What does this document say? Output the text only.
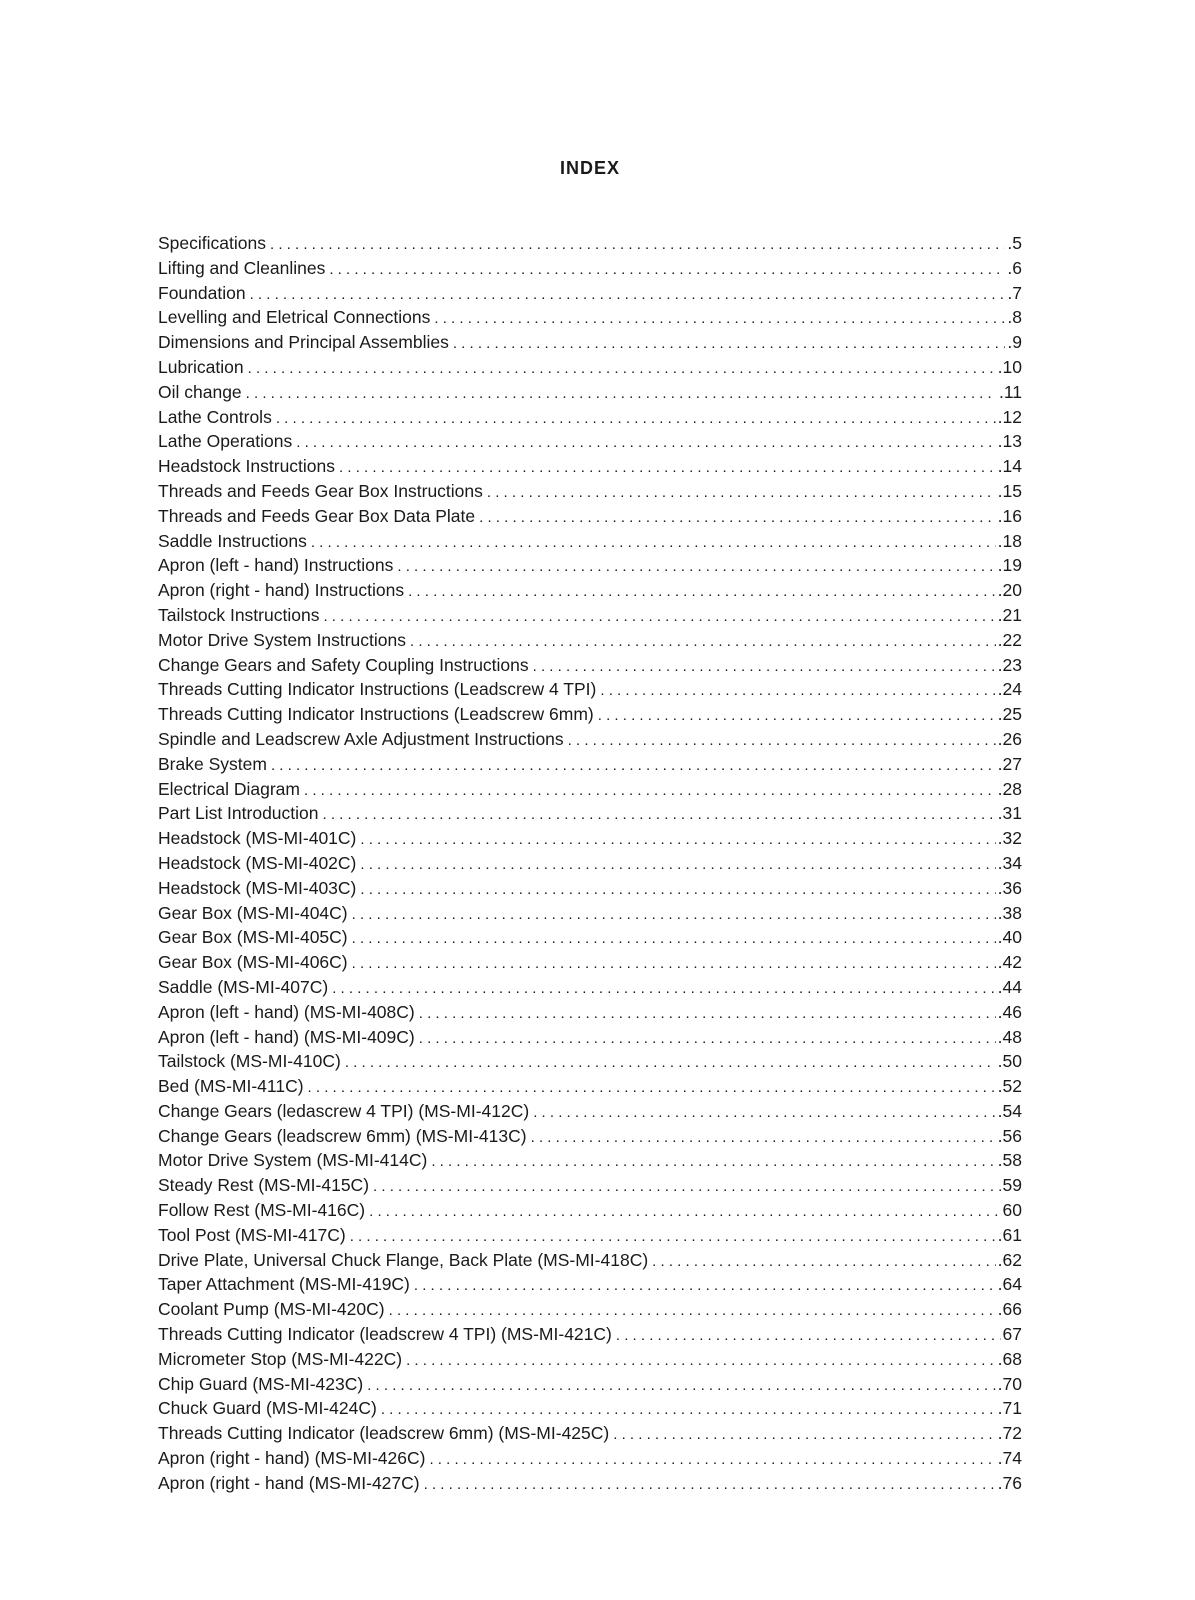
INDEX
Specifications . . .	.5
Lifting and Cleanlines . . .	.6
Foundation . . .	.7
Levelling and Eletrical Connections . . .	.8
Dimensions and Principal Assemblies . . .	.9
Lubrication . . .	.10
Oil change . . .	.11
Lathe Controls . . .	.12
Lathe Operations . . .	.13
Headstock Instructions . . .	.14
Threads and Feeds Gear Box Instructions . . .	.15
Threads and Feeds Gear Box Data Plate . . .	.16
Saddle Instructions . . .	.18
Apron (left - hand) Instructions . . .	.19
Apron (right - hand) Instructions . . .	.20
Tailstock Instructions . . .	.21
Motor Drive System Instructions . . .	.22
Change Gears and Safety Coupling Instructions . . .	.23
Threads Cutting Indicator Instructions (Leadscrew 4 TPI) . . .	.24
Threads Cutting Indicator Instructions (Leadscrew 6mm) . . .	.25
Spindle and Leadscrew Axle Adjustment Instructions . . .	.26
Brake System . . .	.27
Electrical Diagram . . .	.28
Part List Introduction . . .	.31
Headstock (MS-MI-401C) . . .	.32
Headstock (MS-MI-402C) . . .	.34
Headstock (MS-MI-403C) . . .	.36
Gear Box (MS-MI-404C) . . .	.38
Gear Box (MS-MI-405C) . . .	.40
Gear Box (MS-MI-406C) . . .	.42
Saddle (MS-MI-407C) . . .	.44
Apron (left - hand) (MS-MI-408C) . . .	.46
Apron (left - hand) (MS-MI-409C) . . .	.48
Tailstock (MS-MI-410C) . . .	.50
Bed (MS-MI-411C) . . .	.52
Change Gears (ledascrew 4 TPI) (MS-MI-412C) . . .	.54
Change Gears (leadscrew 6mm) (MS-MI-413C) . . .	.56
Motor Drive System (MS-MI-414C) . . .	.58
Steady Rest (MS-MI-415C) . . .	59
Follow Rest (MS-MI-416C) . . .	60
Tool Post (MS-MI-417C) . . .	.61
Drive Plate, Universal Chuck Flange, Back Plate (MS-MI-418C) . . .	.62
Taper Attachment (MS-MI-419C) . . .	.64
Coolant Pump (MS-MI-420C) . . .	.66
Threads Cutting Indicator (leadscrew 4 TPI) (MS-MI-421C) . . .	67
Micrometer Stop (MS-MI-422C) . . .	.68
Chip Guard (MS-MI-423C) . . .	.70
Chuck Guard (MS-MI-424C) . . .	.71
Threads Cutting Indicator (leadscrew 6mm) (MS-MI-425C) . . .	.72
Apron (right - hand) (MS-MI-426C) . . .	.74
Apron (right - hand (MS-MI-427C) . . .	.76
